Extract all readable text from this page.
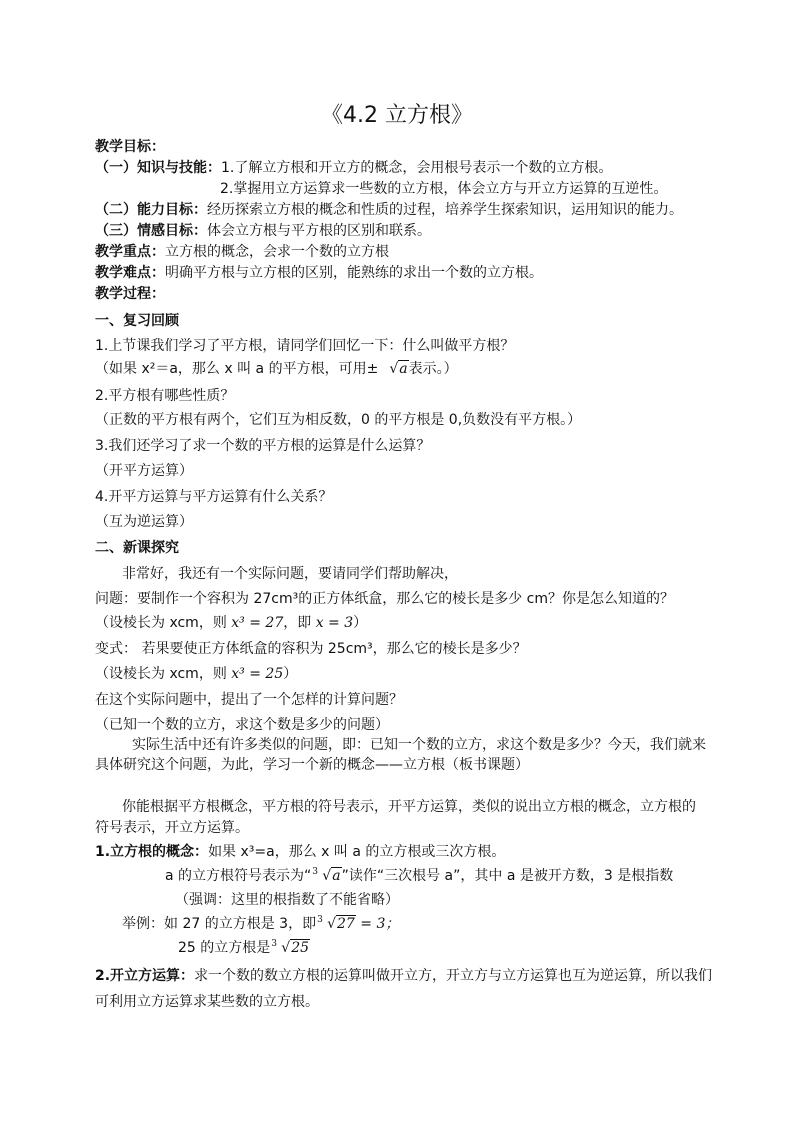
《4.2 立方根》
教学目标：
（一）知识与技能：1.了解立方根和开立方的概念，会用根号表示一个数的立方根。
2.掌握用立方运算求一些数的立方根，体会立方与开立方运算的互逆性。
（二）能力目标：经历探索立方根的概念和性质的过程，培养学生探索知识，运用知识的能力。
（三）情感目标：体会立方根与平方根的区别和联系。
教学重点：立方根的概念，会求一个数的立方根
教学难点：明确平方根与立方根的区别，能熟练的求出一个数的立方根。
教学过程：
一、复习回顾
1.上节课我们学习了平方根，请同学们回忆一下：什么叫做平方根？
（如果 x²＝a，那么 x 叫 a 的平方根，可用± √a表示。）
2.平方根有哪些性质？
（正数的平方根有两个，它们互为相反数，0 的平方根是 0,负数没有平方根。）
3.我们还学习了求一个数的平方根的运算是什么运算？
（开平方运算）
4.开平方运算与平方运算有什么关系？
（互为逆运算）
二、新课探究
非常好，我还有一个实际问题，要请同学们帮助解决，
问题：要制作一个容积为 27cm³的正方体纸盒，那么它的棱长是多少 cm？你是怎么知道的？
（设棱长为 xcm，则 x³ = 27，即 x = 3）
变式： 若果要使正方体纸盒的容积为 25cm³，那么它的棱长是多少？
（设棱长为 xcm，则 x³ = 25）
在这个实际问题中，提出了一个怎样的计算问题？
（已知一个数的立方，求这个数是多少的问题）
实际生活中还有许多类似的问题，即：已知一个数的立方，求这个数是多少？今天，我们就来
具体研究这个问题，为此，学习一个新的概念——立方根（板书课题）
你能根据平方根概念，平方根的符号表示，开平方运算，类似的说出立方根的概念，立方根的
符号表示，开立方运算。
1.立方根的概念：如果 x³=a，那么 x 叫 a 的立方根或三次方根。
a 的立方根符号表示为“ 3 √a”读作“三次根号 a”，其中 a 是被开方数，3 是根指数
（强调：这里的根指数了不能省略）
举例：如 27 的立方根是 3，即 3 √27 = 3；
25 的立方根是 3 √25
2.开立方运算：求一个数的数立方根的运算叫做开立方，开立方与立方运算也互为逆运算，所以我们
可利用立方运算求某些数的立方根。
